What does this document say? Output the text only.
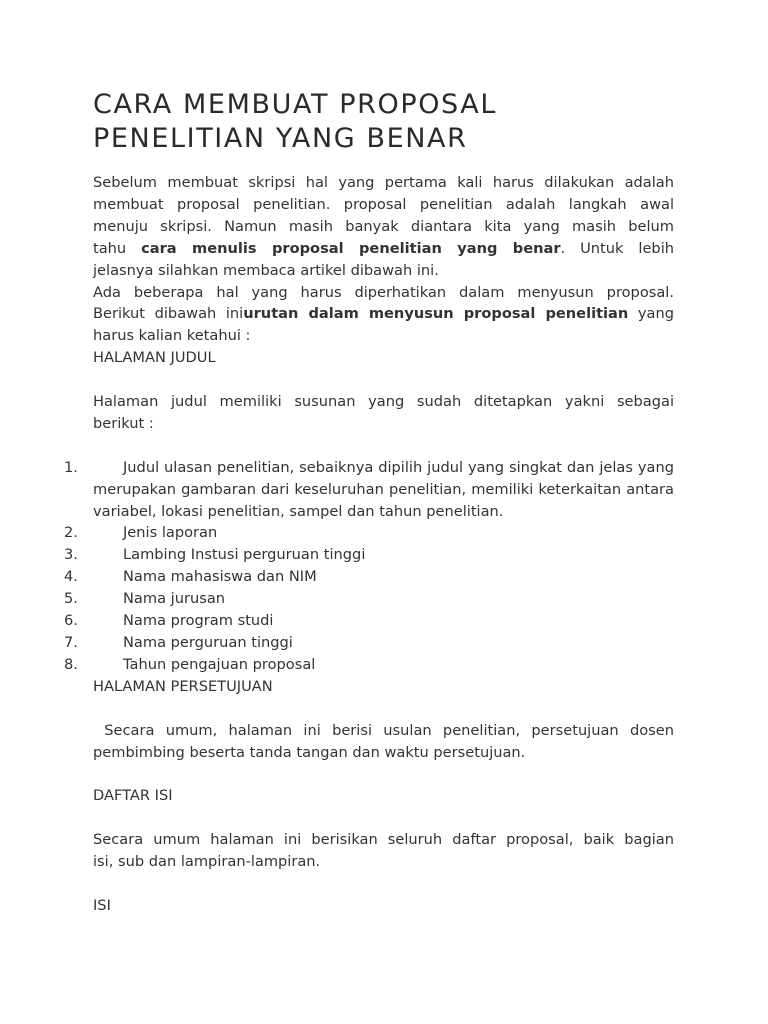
CARA MEMBUAT PROPOSAL
PENELITIAN YANG BENAR

Sebelum membuat skripsi hal yang pertama kali harus dilakukan adalah

membuat proposal penelitian. proposal penelitian adalah langkah awal

menuju skripsi. Namun masih banyak diantara kita yang masih belum

tahu cara menulis proposal penelitian yang benar. Untuk lebih

jelasnya silahkan membaca artikel dibawah ini.

Ada beberapa hal yang harus diperhatikan dalam menyusun proposal.

Berikut dibawah iniurutan dalam menyusun proposal penelitian yang

harus kalian ketahui :

HALAMAN JUDUL

Halaman judul memiliki susunan yang sudah ditetapkan yakni sebagai

berikut :

1.	Judul ulasan penelitian, sebaiknya dipilih judul yang singkat dan jelas yang merupakan gambaran dari keseluruhan penelitian, memiliki keterkaitan antara variabel, lokasi penelitian, sampel dan tahun penelitian.
2.	Jenis laporan
3.	Lambing Instusi perguruan tinggi
4.	Nama mahasiswa dan NIM
5.	Nama jurusan
6.	Nama program studi
7.	Nama perguruan tinggi
8.	Tahun pengajuan proposal

HALAMAN PERSETUJUAN

Secara umum, halaman ini berisi usulan penelitian, persetujuan dosen

pembimbing beserta tanda tangan dan waktu persetujuan.

DAFTAR ISI

Secara umum halaman ini berisikan seluruh daftar proposal, baik bagian

isi, sub dan lampiran-lampiran.

ISI
